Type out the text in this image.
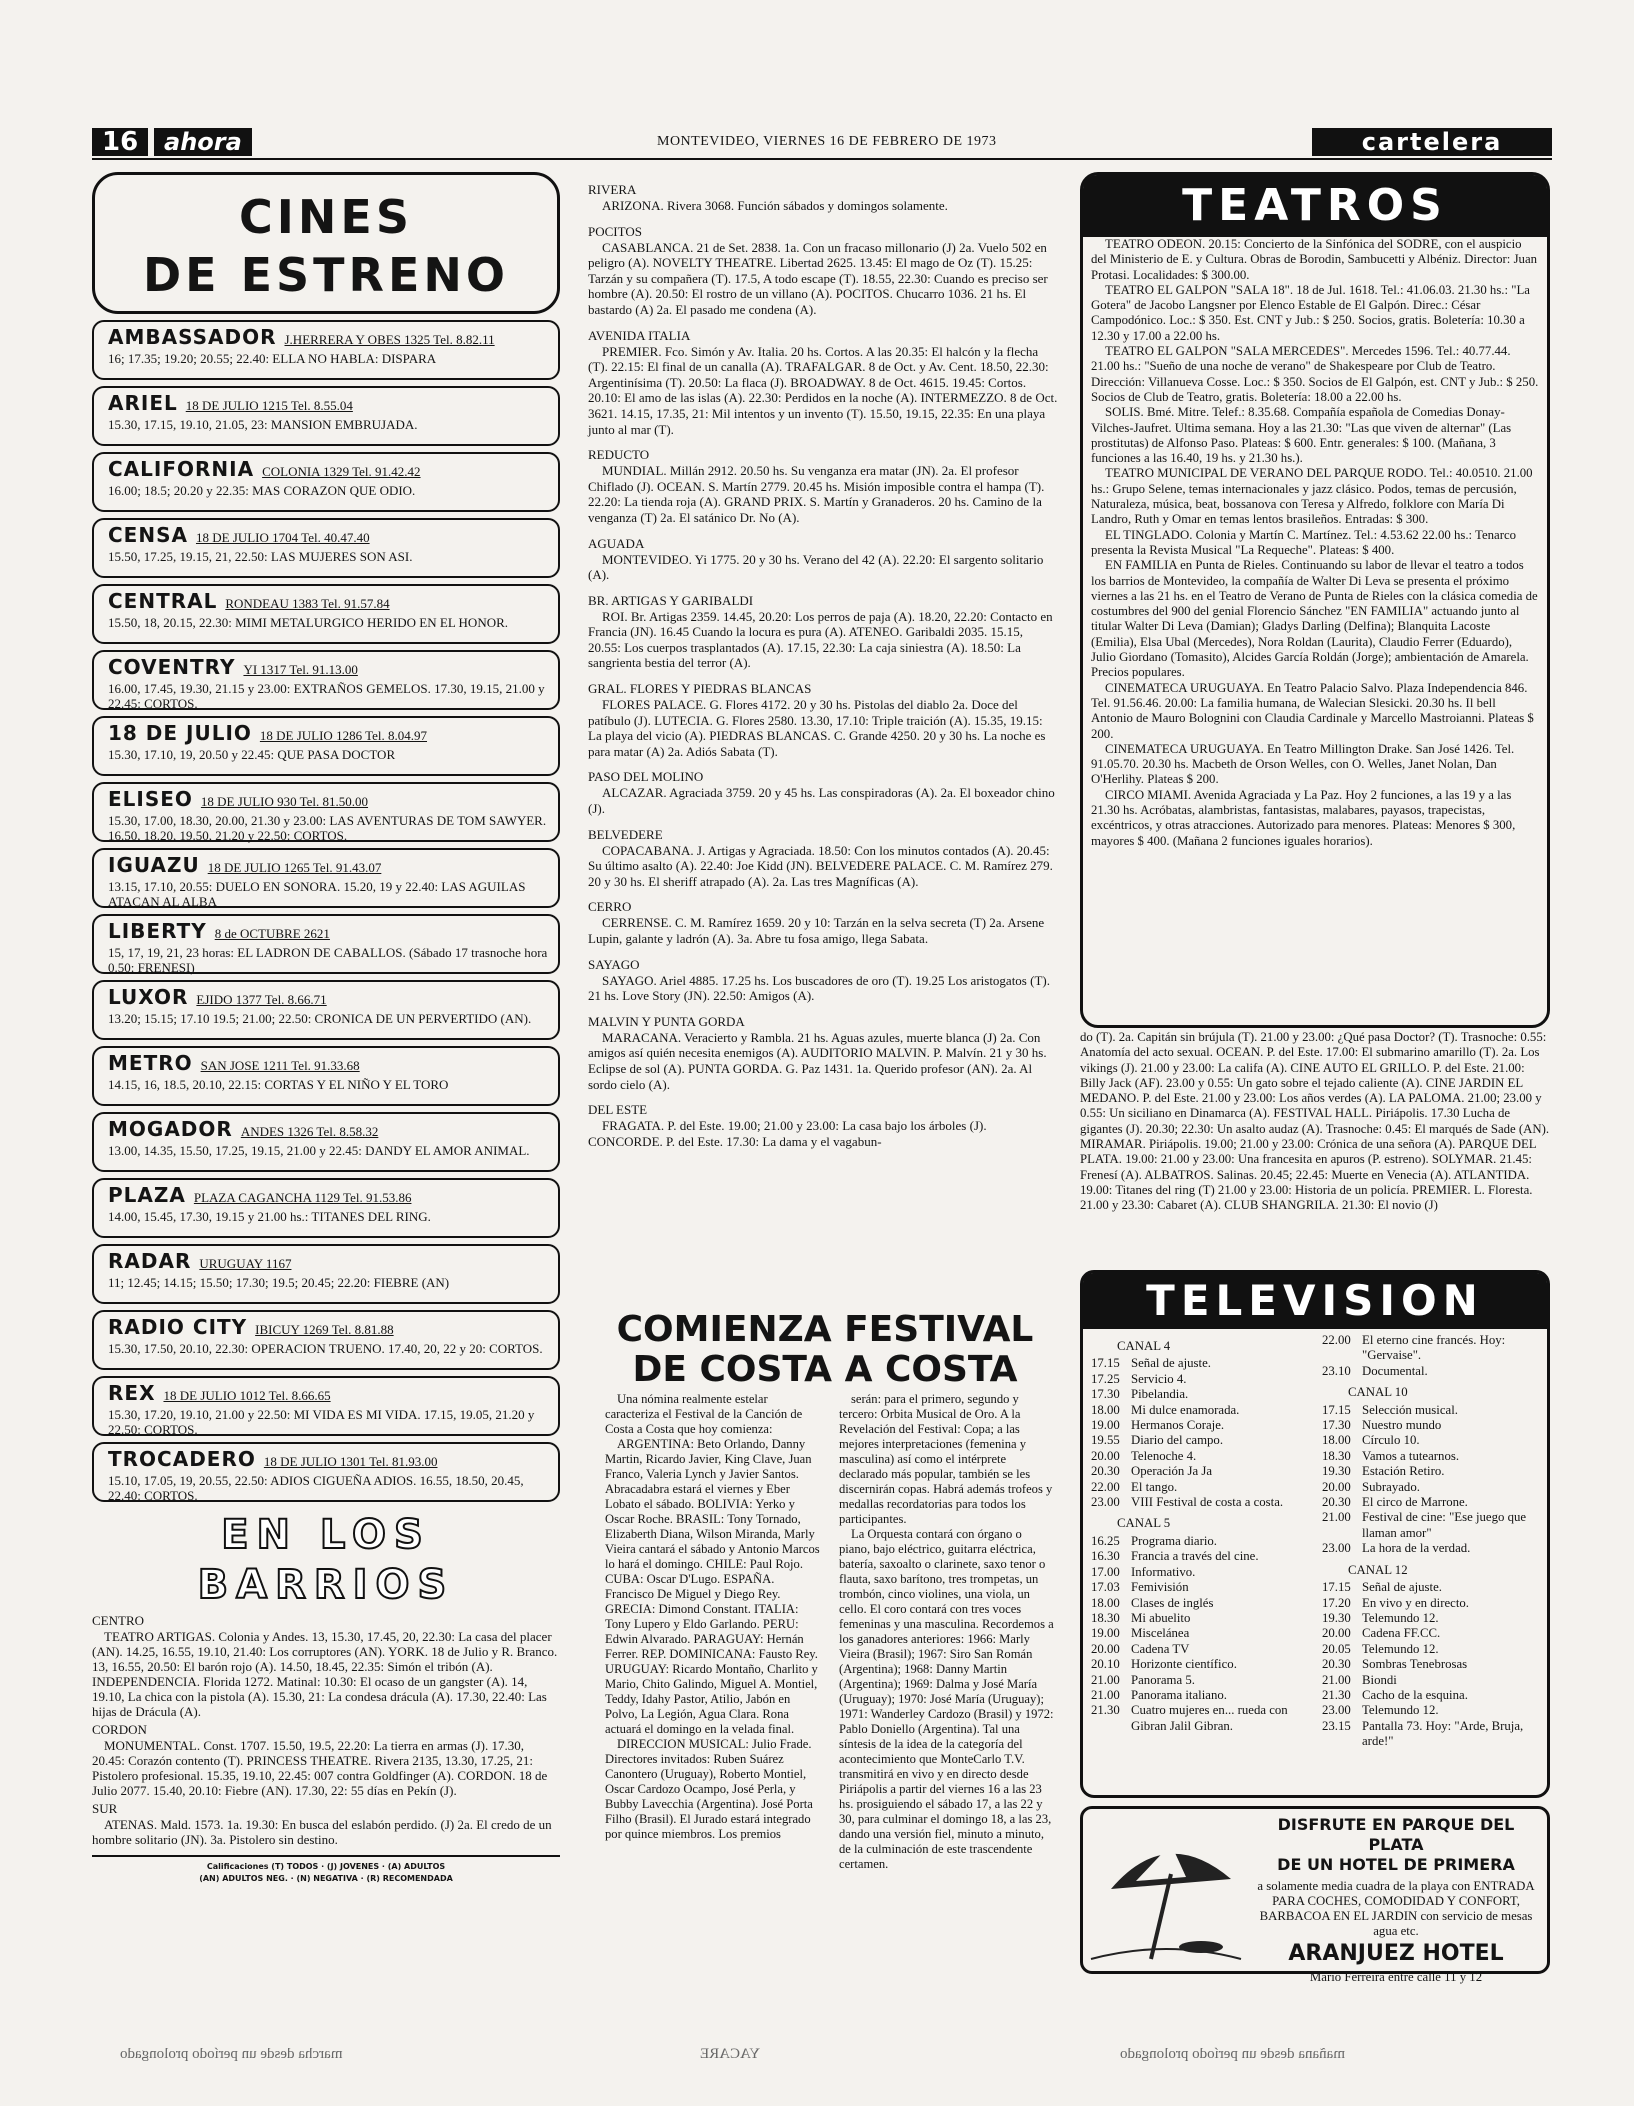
16	ahora	MONTEVIDEO, VIERNES 16 DE FEBRERO DE 1973	cartelera
CINES
DE ESTRENO
AMBASSADOR J.HERRERA Y OBES 1325 Tel. 8.82.11
16; 17.35; 19.20; 20.55; 22.40: ELLA NO HABLA: DISPARA
ARIEL 18 DE JULIO 1215 Tel. 8.55.04
15.30, 17.15, 19.10, 21.05, 23: MANSION EMBRUJADA.
CALIFORNIA COLONIA 1329 Tel. 91.42.42
16.00; 18.5; 20.20 y 22.35: MAS CORAZON QUE ODIO.
CENSA 18 DE JULIO 1704 Tel. 40.47.40
15.50, 17.25, 19.15, 21, 22.50: LAS MUJERES SON ASI.
CENTRAL RONDEAU 1383 Tel. 91.57.84
15.50, 18, 20.15, 22.30: MIMI METALURGICO HERIDO EN EL HONOR.
COVENTRY YI 1317 Tel. 91.13.00
16.00, 17.45, 19.30, 21.15 y 23.00: EXTRAÑOS GEMELOS. 17.30, 19.15, 21.00 y 22.45: CORTOS.
18 DE JULIO 18 DE JULIO 1286 Tel. 8.04.97
15.30, 17.10, 19, 20.50 y 22.45: QUE PASA DOCTOR
ELISEO 18 DE JULIO 930 Tel. 81.50.00
15.30, 17.00, 18.30, 20.00, 21.30 y 23.00: LAS AVENTURAS DE TOM SAWYER. 16.50, 18.20, 19.50, 21.20 y 22.50: CORTOS.
IGUAZU 18 DE JULIO 1265 Tel. 91.43.07
13.15, 17.10, 20.55: DUELO EN SONORA. 15.20, 19 y 22.40: LAS AGUILAS ATACAN AL ALBA
LIBERTY 8 de OCTUBRE 2621
15, 17, 19, 21, 23 horas: EL LADRON DE CABALLOS. (Sábado 17 trasnoche hora 0.50: FRENESI)
LUXOR EJIDO 1377 Tel. 8.66.71
13.20; 15.15; 17.10 19.5; 21.00; 22.50: CRONICA DE UN PERVERTIDO (AN).
METRO SAN JOSE 1211 Tel. 91.33.68
14.15, 16, 18.5, 20.10, 22.15: CORTAS Y EL NIÑO Y EL TORO
MOGADOR ANDES 1326 Tel. 8.58.32
13.00, 14.35, 15.50, 17.25, 19.15, 21.00 y 22.45: DANDY EL AMOR ANIMAL.
PLAZA PLAZA CAGANCHA 1129 Tel. 91.53.86
14.00, 15.45, 17.30, 19.15 y 21.00 hs.: TITANES DEL RING.
RADAR URUGUAY 1167
11; 12.45; 14.15; 15.50; 17.30; 19.5; 20.45; 22.20: FIEBRE (AN)
RADIO CITY IBICUY 1269 Tel. 8.81.88
15.30, 17.50, 20.10, 22.30: OPERACION TRUENO. 17.40, 20, 22 y 20: CORTOS.
REX 18 DE JULIO 1012 Tel. 8.66.65
15.30, 17.20, 19.10, 21.00 y 22.50: MI VIDA ES MI VIDA. 17.15, 19.05, 21.20 y 22.50: CORTOS.
TROCADERO 18 DE JULIO 1301 Tel. 81.93.00
15.10, 17.05, 19, 20.55, 22.50: ADIOS CIGUEÑA ADIOS. 16.55, 18.50, 20.45, 22.40: CORTOS.
EN LOS BARRIOS
CENTRO
TEATRO ARTIGAS. Colonia y Andes. 13, 15.30, 17.45, 20, 22.30: La casa del placer (AN). 14.25, 16.55, 19.10, 21.40: Los corruptores (AN). YORK. 18 de Julio y R. Branco. 13, 16.55, 20.50: El barón rojo (A). 14.50, 18.45, 22.35: Simón el tribón (A). INDEPENDENCIA. Florida 1272. Matinal: 10.30: El ocaso de un gangster (A). 14, 19.10, La chica con la pistola (A). 15.30, 21: La condesa drácula (A). 17.30, 22.40: Las hijas de Drácula (A).
CORDON
MONUMENTAL. Const. 1707. 15.50, 19.5, 22.20: La tierra en armas (J). 17.30, 20.45: Corazón contento (T). PRINCESS THEATRE. Rivera 2135, 13.30, 17.25, 21: Pistolero profesional. 15.35, 19.10, 22.45: 007 contra Goldfinger (A). CORDON. 18 de Julio 2077. 15.40, 20.10: Fiebre (AN). 17.30, 22: 55 días en Pekín (J).
SUR
ATENAS. Mald. 1573. 1a. 19.30: En busca del eslabón perdido. (J) 2a. El credo de un hombre solitario (JN). 3a. Pistolero sin destino.
Calificaciones (T) TODOS · (J) JOVENES · (A) ADULTOS
(AN) ADULTOS NEG. · (N) NEGATIVA · (R) RECOMENDADA
RIVERA
ARIZONA. Rivera 3068. Función sábados y domingos solamente.
POCITOS
CASABLANCA. 21 de Set. 2838. 1a. Con un fracaso millonario (J) 2a. Vuelo 502 en peligro (A). NOVELTY THEATRE. Libertad 2625. 13.45: El mago de Oz (T). 15.25: Tarzán y su compañera (T). 17.5, A todo escape (T). 18.55, 22.30: Cuando es preciso ser hombre (A). 20.50: El rostro de un villano (A). POCITOS. Chucarro 1036. 21 hs. El bastardo (A) 2a. El pasado me condena (A).
AVENIDA ITALIA
PREMIER. Fco. Simón y Av. Italia. 20 hs. Cortos. A las 20.35: El halcón y la flecha (T). 22.15: El final de un canalla (A). TRAFALGAR. 8 de Oct. y Av. Cent. 18.50, 22.30: Argentinísima (T). 20.50: La flaca (J). BROADWAY. 8 de Oct. 4615. 19.45: Cortos. 20.10: El amo de las islas (A). 22.30: Perdidos en la noche (A). INTERMEZZO. 8 de Oct. 3621. 14.15, 17.35, 21: Mil intentos y un invento (T). 15.50, 19.15, 22.35: En una playa junto al mar (T).
REDUCTO
MUNDIAL. Millán 2912. 20.50 hs. Su venganza era matar (JN). 2a. El profesor Chiflado (J). OCEAN. S. Martín 2779. 20.45 hs. Misión imposible contra el hampa (T). 22.20: La tienda roja (A). GRAND PRIX. S. Martín y Granaderos. 20 hs. Camino de la venganza (T) 2a. El satánico Dr. No (A).
AGUADA
MONTEVIDEO. Yi 1775. 20 y 30 hs. Verano del 42 (A). 22.20: El sargento solitario (A).
BR. ARTIGAS Y GARIBALDI
ROI. Br. Artigas 2359. 14.45, 20.20: Los perros de paja (A). 18.20, 22.20: Contacto en Francia (JN). 16.45 Cuando la locura es pura (A). ATENEO. Garibaldi 2035. 15.15, 20.55: Los cuerpos trasplantados (A). 17.15, 22.30: La caja siniestra (A). 18.50: La sangrienta bestia del terror (A).
GRAL. FLORES Y PIEDRAS BLANCAS
FLORES PALACE. G. Flores 4172. 20 y 30 hs. Pistolas del diablo 2a. Doce del patíbulo (J). LUTECIA. G. Flores 2580. 13.30, 17.10: Triple traición (A). 15.35, 19.15: La playa del vicio (A). PIEDRAS BLANCAS. C. Grande 4250. 20 y 30 hs. La noche es para matar (A) 2a. Adiós Sabata (T).
PASO DEL MOLINO
ALCAZAR. Agraciada 3759. 20 y 45 hs. Las conspiradoras (A). 2a. El boxeador chino (J).
BELVEDERE
COPACABANA. J. Artigas y Agraciada. 18.50: Con los minutos contados (A). 20.45: Su último asalto (A). 22.40: Joe Kidd (JN). BELVEDERE PALACE. C. M. Ramírez 279. 20 y 30 hs. El sheriff atrapado (A). 2a. Las tres Magníficas (A).
CERRO
CERRENSE. C. M. Ramírez 1659. 20 y 10: Tarzán en la selva secreta (T) 2a. Arsene Lupin, galante y ladrón (A). 3a. Abre tu fosa amigo, llega Sabata.
SAYAGO
SAYAGO. Ariel 4885. 17.25 hs. Los buscadores de oro (T). 19.25 Los aristogatos (T). 21 hs. Love Story (JN). 22.50: Amigos (A).
MALVIN Y PUNTA GORDA
MARACANA. Veracierto y Rambla. 21 hs. Aguas azules, muerte blanca (J) 2a. Con amigos así quién necesita enemigos (A). AUDITORIO MALVIN. P. Malvín. 21 y 30 hs. Eclipse de sol (A). PUNTA GORDA. G. Paz 1431. 1a. Querido profesor (AN). 2a. Al sordo cielo (A).
DEL ESTE
FRAGATA. P. del Este. 19.00; 21.00 y 23.00: La casa bajo los árboles (J). CONCORDE. P. del Este. 17.30: La dama y el vagabun-
COMIENZA FESTIVAL
DE COSTA A COSTA

Una nómina realmente estelar caracteriza el Festival de la Canción de Costa a Costa que hoy comienza:

ARGENTINA: Beto Orlando, Danny Martin, Ricardo Javier, King Clave, Juan Franco, Valeria Lynch y Javier Santos. Abracadabra estará el viernes y Eber Lobato el sábado. BOLIVIA: Yerko y Oscar Roche. BRASIL: Tony Tornado, Elizaberth Diana, Wilson Miranda, Marly Vieira cantará el sábado y Antonio Marcos lo hará el domingo. CHILE: Paul Rojo. CUBA: Oscar D'Lugo. ESPAÑA. Francisco De Miguel y Diego Rey. GRECIA: Dimond Constant. ITALIA: Tony Lupero y Eldo Garlando. PERU: Edwin Alvarado. PARAGUAY: Hernán Ferrer. REP. DOMINICANA: Fausto Rey. URUGUAY: Ricardo Montaño, Charlito y Mario, Chito Galindo, Miguel A. Montiel, Teddy, Idahy Pastor, Atilio, Jabón en Polvo, La Legión, Agua Clara. Rona actuará el domingo en la velada final.

DIRECCION MUSICAL: Julio Frade. Directores invitados: Ruben Suárez Canontero (Uruguay), Roberto Montiel, Oscar Cardozo Ocampo, José Perla, y Bubby Lavecchia (Argentina). José Porta Filho (Brasil). El Jurado estará integrado por quince miembros. Los premios

serán: para el primero, segundo y tercero: Orbita Musical de Oro. A la Revelación del Festival: Copa; a las mejores interpretaciones (femenina y masculina) así como el intérprete declarado más popular, también se les discernirán copas. Habrá además trofeos y medallas recordatorias para todos los participantes.

La Orquesta contará con órgano o piano, bajo eléctrico, guitarra eléctrica, batería, saxoalto o clarinete, saxo tenor o flauta, saxo barítono, tres trompetas, un trombón, cinco violines, una viola, un cello. El coro contará con tres voces femeninas y una masculina. Recordemos a los ganadores anteriores: 1966: Marly Vieira (Brasil); 1967: Siro San Román (Argentina); 1968: Danny Martin (Argentina); 1969: Dalma y José María (Uruguay); 1970: José María (Uruguay); 1971: Wanderley Cardozo (Brasil) y 1972: Pablo Doniello (Argentina). Tal una síntesis de la idea de la categoría del acontecimiento que MonteCarlo T.V. transmitirá en vivo y en directo desde Piriápolis a partir del viernes 16 a las 23 hs. prosiguiendo el sábado 17, a las 22 y 30, para culminar el domingo 18, a las 23, dando una versión fiel, minuto a minuto, de la culminación de este trascendente certamen.

TEATROS

TEATRO ODEON. 20.15: Concierto de la Sinfónica del SODRE, con el auspicio del Ministerio de E. y Cultura. Obras de Borodin, Sambucetti y Albéniz. Director: Juan Protasi. Localidades: $ 300.00.

TEATRO EL GALPON "SALA 18". 18 de Jul. 1618. Tel.: 41.06.03. 21.30 hs.: "La Gotera" de Jacobo Langsner por Elenco Estable de El Galpón. Direc.: César Campodónico. Loc.: $ 350. Est. CNT y Jub.: $ 250. Socios, gratis. Boletería: 10.30 a 12.30 y 17.00 a 22.00 hs.

TEATRO EL GALPON "SALA MERCEDES". Mercedes 1596. Tel.: 40.77.44. 21.00 hs.: "Sueño de una noche de verano" de Shakespeare por Club de Teatro. Dirección: Villanueva Cosse. Loc.: $ 350. Socios de El Galpón, est. CNT y Jub.: $ 250. Socios de Club de Teatro, gratis. Boletería: 18.00 a 22.00 hs.

SOLIS. Bmé. Mitre. Telef.: 8.35.68. Compañía española de Comedias Donay-Vilches-Jaufret. Ultima semana. Hoy a las 21.30: "Las que viven de alternar" (Las prostitutas) de Alfonso Paso. Plateas: $ 600. Entr. generales: $ 100. (Mañana, 3 funciones a las 16.40, 19 hs. y 21.30 hs.).

TEATRO MUNICIPAL DE VERANO DEL PARQUE RODO. Tel.: 40.0510. 21.00 hs.: Grupo Selene, temas internacionales y jazz clásico. Podos, temas de percusión, Naturaleza, música, beat, bossanova con Teresa y Alfredo, folklore con María Di Landro, Ruth y Omar en temas lentos brasileños. Entradas: $ 300.

EL TINGLADO. Colonia y Martín C. Martínez. Tel.: 4.53.62 22.00 hs.: Tenarco presenta la Revista Musical "La Requeche". Plateas: $ 400.

EN FAMILIA en Punta de Rieles. Continuando su labor de llevar el teatro a todos los barrios de Montevideo, la compañía de Walter Di Leva se presenta el próximo viernes a las 21 hs. en el Teatro de Verano de Punta de Rieles con la clásica comedia de costumbres del 900 del genial Florencio Sánchez "EN FAMILIA" actuando junto al titular Walter Di Leva (Damian); Gladys Darling (Delfina); Blanquita Lacoste (Emilia), Elsa Ubal (Mercedes), Nora Roldan (Laurita), Claudio Ferrer (Eduardo), Julio Giordano (Tomasito), Alcides García Roldán (Jorge); ambientación de Amarela. Precios populares.

CINEMATECA URUGUAYA. En Teatro Palacio Salvo. Plaza Independencia 846. Tel. 91.56.46. 20.00: La familia humana, de Walecian Slesicki. 20.30 hs. Il bell Antonio de Mauro Bolognini con Claudia Cardinale y Marcello Mastroianni. Plateas $ 200.

CINEMATECA URUGUAYA. En Teatro Millington Drake. San José 1426. Tel. 91.05.70. 20.30 hs. Macbeth de Orson Welles, con O. Welles, Janet Nolan, Dan O'Herlihy. Plateas $ 200.

CIRCO MIAMI. Avenida Agraciada y La Paz. Hoy 2 funciones, a las 19 y a las 21.30 hs. Acróbatas, alambristas, fantasistas, malabares, payasos, trapecistas, excéntricos, y otras atracciones. Autorizado para menores. Plateas: Menores $ 300, mayores $ 400. (Mañana 2 funciones iguales horarios).

do (T). 2a. Capitán sin brújula (T). 21.00 y 23.00: ¿Qué pasa Doctor? (T). Trasnoche: 0.55: Anatomía del acto sexual. OCEAN. P. del Este. 17.00: El submarino amarillo (T). 2a. Los vikings (J). 21.00 y 23.00: La califa (A). CINE AUTO EL GRILLO. P. del Este. 21.00: Billy Jack (AF). 23.00 y 0.55: Un gato sobre el tejado caliente (A). CINE JARDIN EL MEDANO. P. del Este. 21.00 y 23.00: Los años verdes (A). LA PALOMA. 21.00; 23.00 y 0.55: Un siciliano en Dinamarca (A). FESTIVAL HALL. Piriápolis. 17.30 Lucha de gigantes (J). 20.30; 22.30: Un asalto audaz (A). Trasnoche: 0.45: El marqués de Sade (AN). MIRAMAR. Piriápolis. 19.00; 21.00 y 23.00: Crónica de una señora (A). PARQUE DEL PLATA. 19.00: 21.00 y 23.00: Una francesita en apuros (P. estreno). SOLYMAR. 21.45: Frenesí (A). ALBATROS. Salinas. 20.45; 22.45: Muerte en Venecia (A). ATLANTIDA. 19.00: Titanes del ring (T) 21.00 y 23.00: Historia de un policía. PREMIER. L. Floresta. 21.00 y 23.30: Cabaret (A). CLUB SHANGRILA. 21.30: El novio (J)
TELEVISION
CANAL 4
17.15 Señal de ajuste.
17.25 Servicio 4.
17.30 Pibelandia.
18.00 Mi dulce enamorada.
19.00 Hermanos Coraje.
19.55 Diario del campo.
20.00 Telenoche 4.
20.30 Operación Ja Ja
22.00 El tango.
23.00 VIII Festival de costa a costa.
CANAL 5
16.25 Programa diario.
16.30 Francia a través del cine.
17.00 Informativo.
17.03 Femivisión
18.00 Clases de inglés
18.30 Mi abuelito
19.00 Miscelánea
20.00 Cadena TV
20.10 Horizonte científico.
21.00 Panorama 5.
21.00 Panorama italiano.
21.30 Cuatro mujeres en... rueda con Gibran Jalil Gibran.
22.00 El eterno cine francés. Hoy: "Gervaise".
23.10 Documental.
CANAL 10
17.15 Selección musical.
17.30 Nuestro mundo
18.00 Círculo 10.
18.30 Vamos a tutearnos.
19.30 Estación Retiro.
20.00 Subrayado.
20.30 El circo de Marrone.
21.00 Festival de cine: "Ese juego que llaman amor"
23.00 La hora de la verdad.
CANAL 12
17.15 Señal de ajuste.
17.20 En vivo y en directo.
19.30 Telemundo 12.
20.00 Cadena FF.CC.
20.05 Telemundo 12.
20.30 Sombras Tenebrosas
21.00 Biondi
21.30 Cacho de la esquina.
23.00 Telemundo 12.
23.15 Pantalla 73. Hoy: "Arde, Bruja, arde!"
DISFRUTE EN PARQUE DEL PLATA
DE UN HOTEL DE PRIMERA
a solamente media cuadra de la playa con ENTRADA PARA COCHES, COMODIDAD Y CONFORT, BARBACOA EN EL JARDIN con servicio de mesas agua etc.
ARANJUEZ HOTEL
Mario Ferreira entre calle 11 y 12
marcha desde un período prolongado	YACARE	mañana desde un período prolongado
